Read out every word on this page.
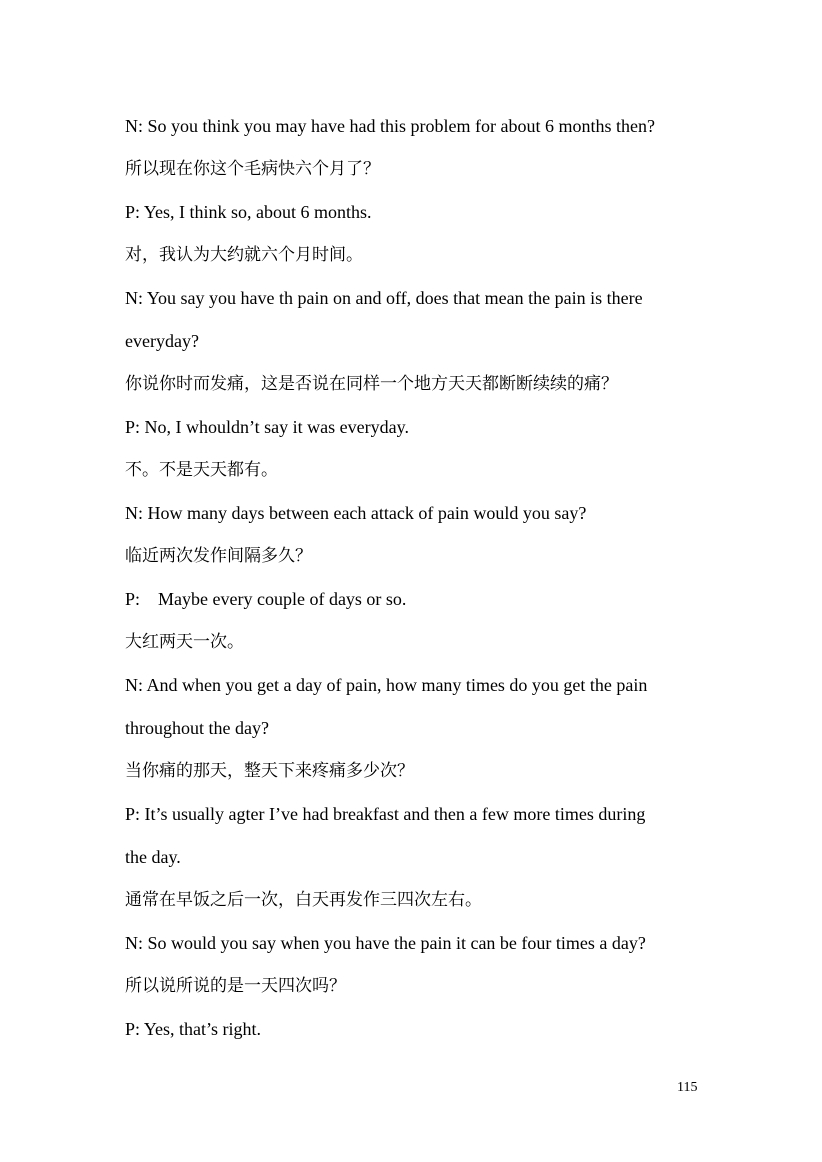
N: So you think you may have had this problem for about 6 months then?
所以现在你这个毛病快六个月了？
P: Yes, I think so, about 6 months.
对，我认为大约就六个月时间。
N: You say you have th pain on and off, does that mean the pain is there
everyday?
你说你时而发痛，这是否说在同样一个地方天天都断断续续的痛？
P: No, I whouldn’t say it was everyday.
不。不是天天都有。
N: How many days between each attack of pain would you say?
临近两次发作间隔多久？
P:    Maybe every couple of days or so.
大红两天一次。
N: And when you get a day of pain, how many times do you get the pain
throughout the day?
当你痛的那天，整天下来疼痛多少次？
P: It’s usually agter I’ve had breakfast and then a few more times during
the day.
通常在早饭之后一次，白天再发作三四次左右。
N: So would you say when you have the pain it can be four times a day?
所以说所说的是一天四次吗？
P: Yes, that’s right.
115
